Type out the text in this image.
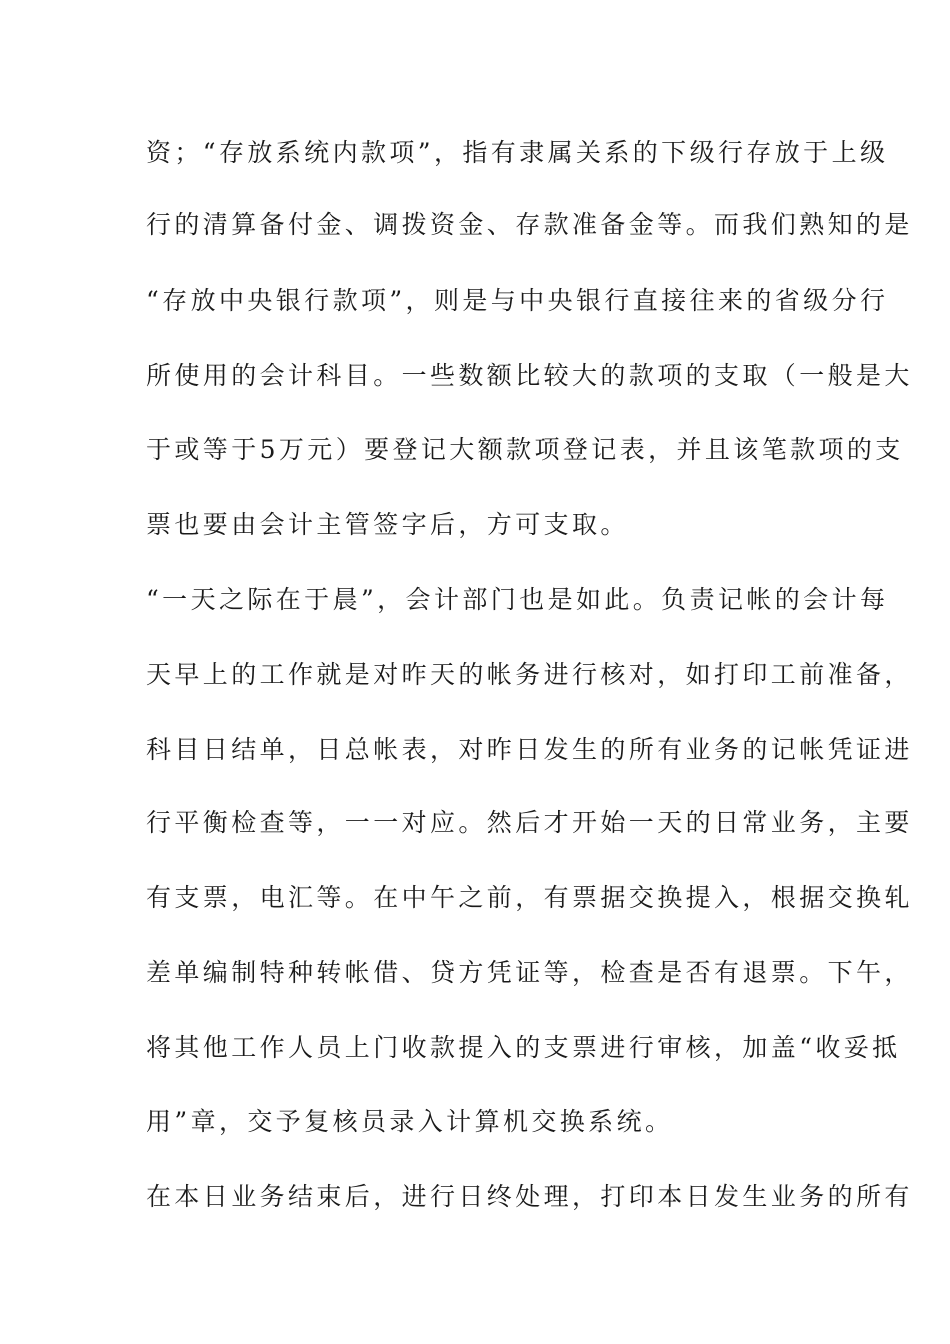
资；“存放系统内款项”，指有隶属关系的下级行存放于上级
行的清算备付金、调拨资金、存款准备金等。而我们熟知的是
“存放中央银行款项”，则是与中央银行直接往来的省级分行
所使用的会计科目。一些数额比较大的款项的支取（一般是大
于或等于5万元）要登记大额款项登记表，并且该笔款项的支
票也要由会计主管签字后，方可支取。
“一天之际在于晨”，会计部门也是如此。负责记帐的会计每
天早上的工作就是对昨天的帐务进行核对，如打印工前准备，
科目日结单，日总帐表，对昨日发生的所有业务的记帐凭证进
行平衡检查等，一一对应。然后才开始一天的日常业务，主要
有支票，电汇等。在中午之前，有票据交换提入，根据交换轧
差单编制特种转帐借、贷方凭证等，检查是否有退票。下午，
将其他工作人员上门收款提入的支票进行审核，加盖“收妥抵
用”章，交予复核员录入计算机交换系统。
在本日业务结束后，进行日终处理，打印本日发生业务的所有
